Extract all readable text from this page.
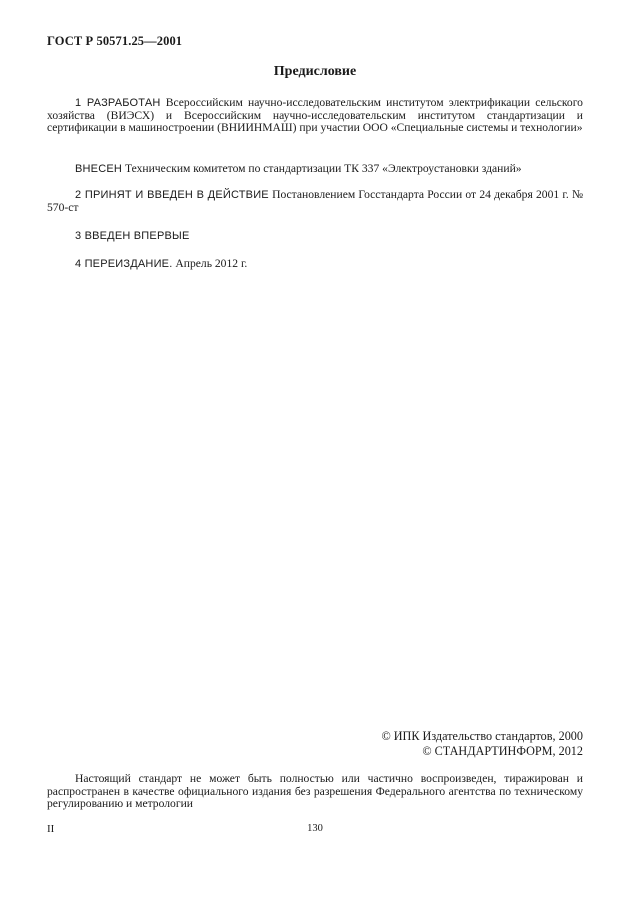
ГОСТ Р 50571.25—2001
Предисловие
1 РАЗРАБОТАН Всероссийским научно-исследовательским институтом электрификации сельского хозяйства (ВИЭСХ) и Всероссийским научно-исследовательским институтом стандартизации и сертификации в машиностроении (ВНИИНМАШ) при участии ООО «Специальные системы и технологии»
ВНЕСЕН Техническим комитетом по стандартизации ТК 337 «Электроустановки зданий»
2 ПРИНЯТ И ВВЕДЕН В ДЕЙСТВИЕ Постановлением Госстандарта России от 24 декабря 2001 г. № 570-ст
3 ВВЕДЕН ВПЕРВЫЕ
4 ПЕРЕИЗДАНИЕ. Апрель 2012 г.
© ИПК Издательство стандартов, 2000
© СТАНДАРТИНФОРМ, 2012
Настоящий стандарт не может быть полностью или частично воспроизведен, тиражирован и распространен в качестве официального издания без разрешения Федерального агентства по техническому регулированию и метрологии
II	130
